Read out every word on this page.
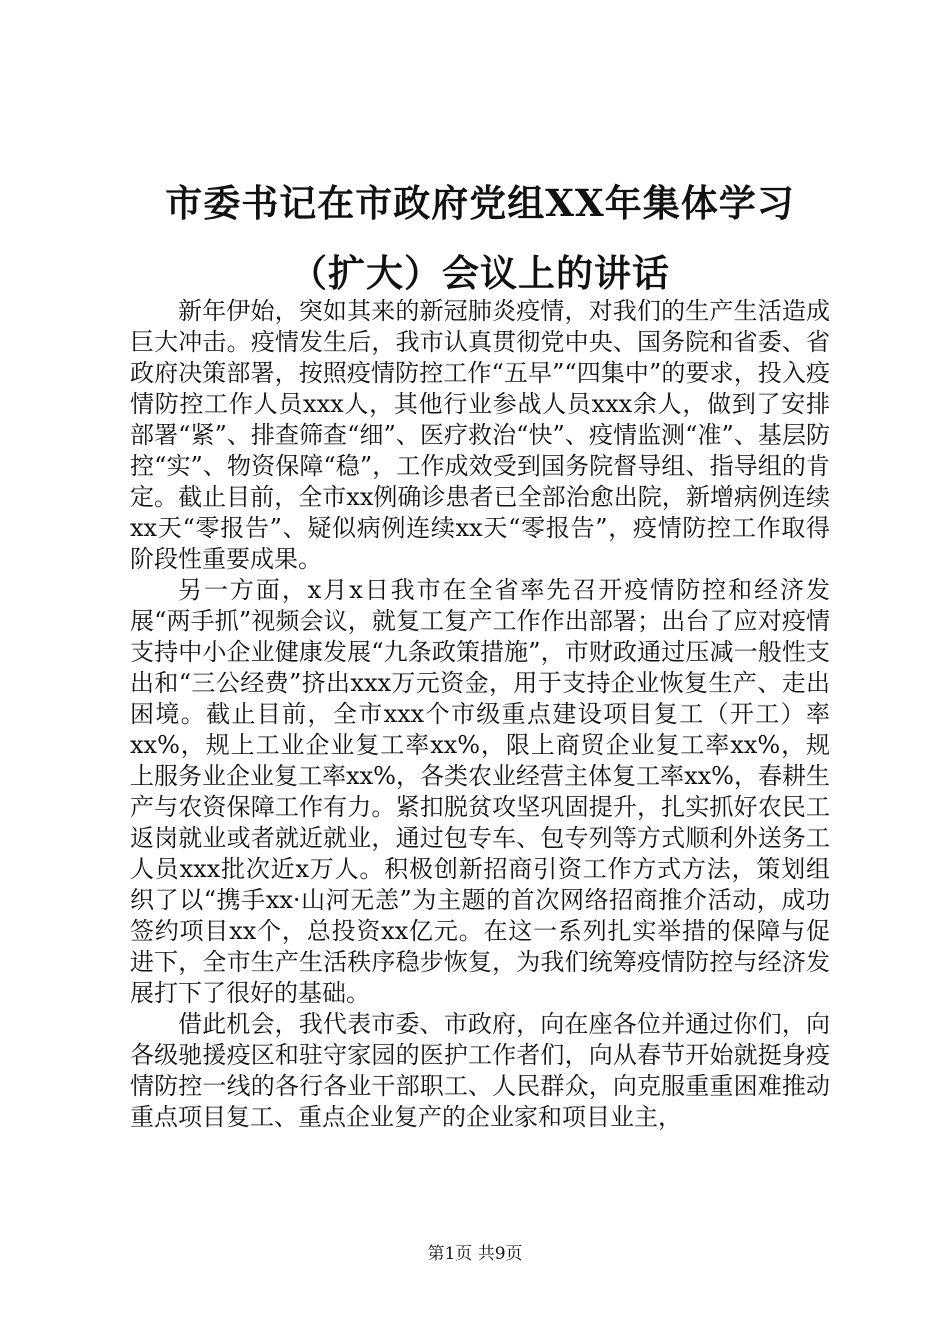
市委书记在市政府党组XX年集体学习（扩大）会议上的讲话

新年伊始，突如其来的新冠肺炎疫情，对我们的生产生活造成巨大冲击。疫情发生后，我市认真贯彻党中央、国务院和省委、省政府决策部署，按照疫情防控工作“五早”“四集中”的要求，投入疫情防控工作人员xxx人，其他行业参战人员xxx余人，做到了安排部署“紧”、排查筛查“细”、医疗救治“快”、疫情监测“准”、基层防控“实”、物资保障“稳”，工作成效受到国务院督导组、指导组的肯定。截止目前，全市xx例确诊患者已全部治愈出院，新增病例连续xx天“零报告”、疑似病例连续xx天“零报告”，疫情防控工作取得阶段性重要成果。

另一方面，x月x日我市在全省率先召开疫情防控和经济发展“两手抓”视频会议，就复工复产工作作出部署；出台了应对疫情支持中小企业健康发展“九条政策措施”，市财政通过压减一般性支出和“三公经费”挤出xxx万元资金，用于支持企业恢复生产、走出困境。截止目前，全市xxx个市级重点建设项目复工（开工）率xx%，规上工业企业复工率xx%，限上商贸企业复工率xx%，规上服务业企业复工率xx%，各类农业经营主体复工率xx%，春耕生产与农资保障工作有力。紧扣脱贫攻坚巩固提升，扎实抓好农民工返岗就业或者就近就业，通过包专车、包专列等方式顺利外送务工人员xxx批次近x万人。积极创新招商引资工作方式方法，策划组织了以“携手xx·山河无恙”为主题的首次网络招商推介活动，成功签约项目xx个，总投资xx亿元。在这一系列扎实举措的保障与促进下，全市生产生活秩序稳步恢复，为我们统筹疫情防控与经济发展打下了很好的基础。

借此机会，我代表市委、市政府，向在座各位并通过你们，向各级驰援疫区和驻守家园的医护工作者们，向从春节开始就挺身疫情防控一线的各行各业干部职工、人民群众，向克服重重困难推动重点项目复工、重点企业复产的企业家和项目业主，

第1页 共9页
